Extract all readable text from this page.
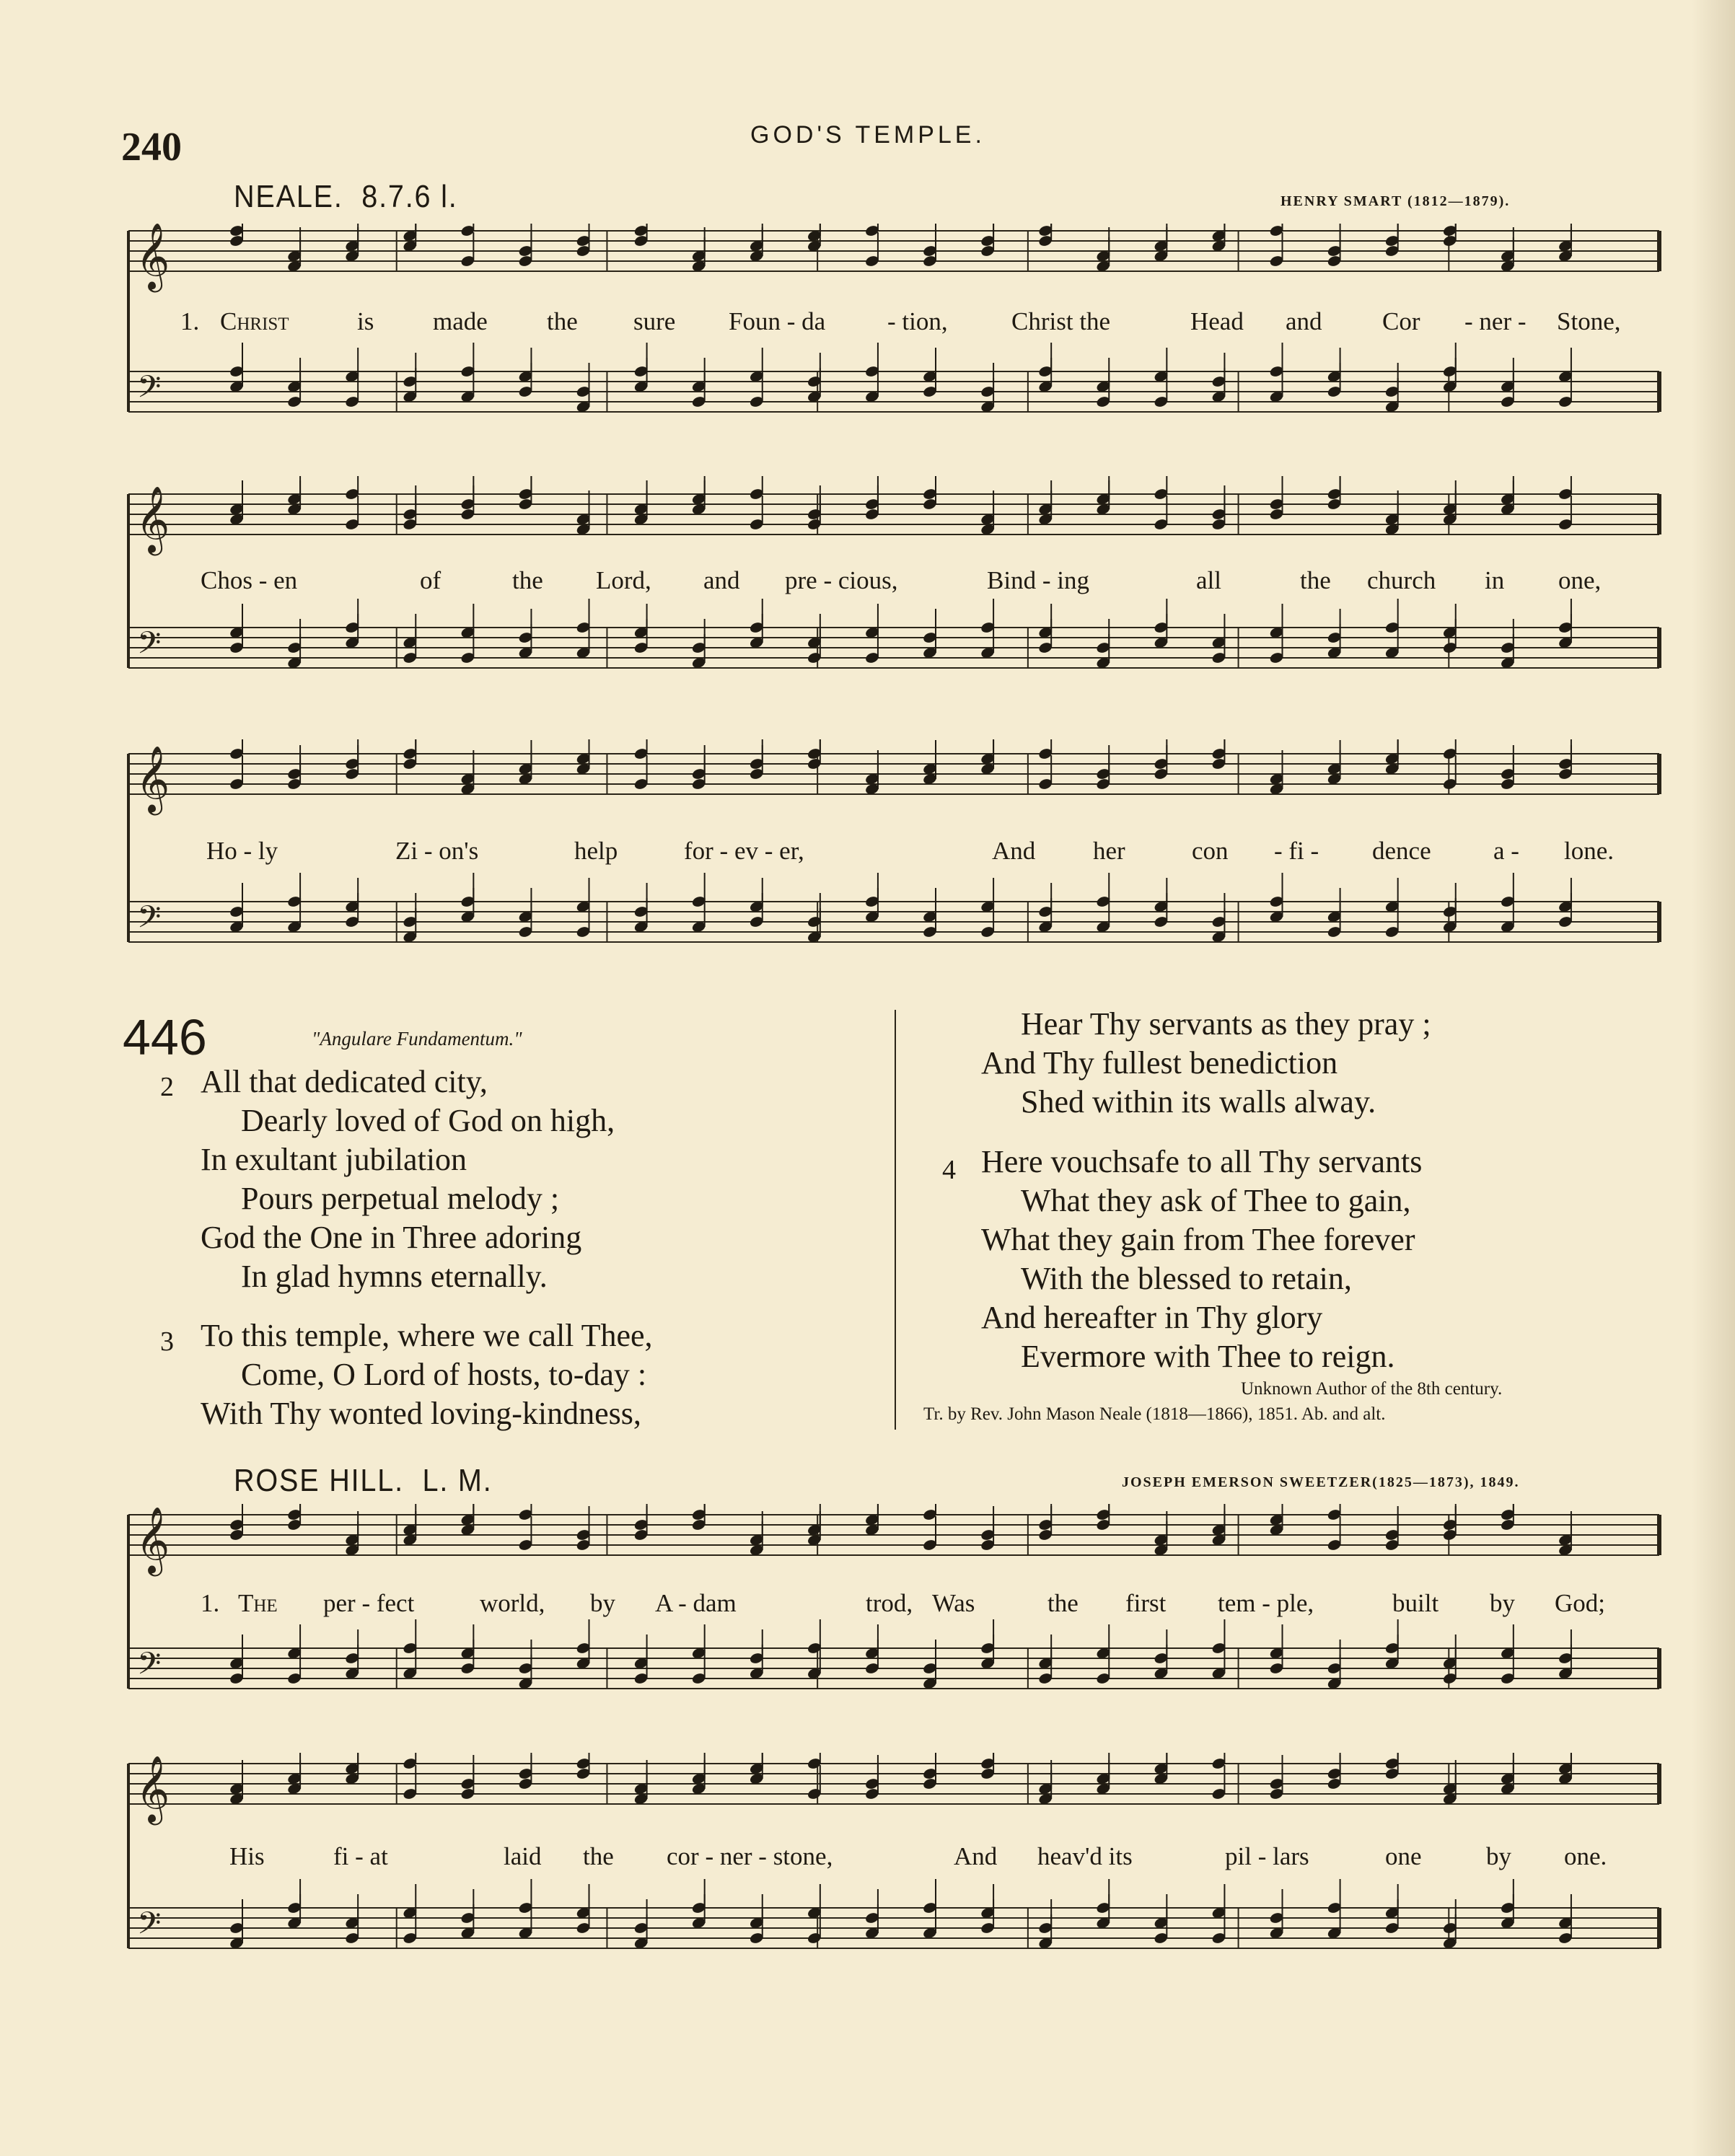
240	GOD'S TEMPLE.
NEALE. 8.7.6 l.	HENRY SMART (1812—1879).
𝄞
𝄢
1. Christ	is made the sure Foun - da - tion,	Christ the	Head and Cor - ner - Stone,
𝄞
𝄢
Chos - en	of	the Lord, and pre - cious,	Bind - ing	all	the church in one,
𝄞
𝄢
Ho - ly	Zi - on's	help	for - ev - er,	And her	con - fi - dence a - lone.
446	"Angulare Fundamentum."
2 All that dedicated city,
Dearly loved of God on high,
In exultant jubilation
Pours perpetual melody ;
God the One in Three adoring
In glad hymns eternally.
3 To this temple, where we call Thee,
Come, O Lord of hosts, to-day :
With Thy wonted loving-kindness,
Hear Thy servants as they pray ;
And Thy fullest benediction
Shed within its walls alway.
4 Here vouchsafe to all Thy servants
What they ask of Thee to gain,
What they gain from Thee forever
With the blessed to retain,
And hereafter in Thy glory
Evermore with Thee to reign.
Unknown Author of the 8th century.
Tr. by Rev. John Mason Neale (1818—1866), 1851. Ab. and alt.
ROSE HILL. L. M.	JOSEPH EMERSON SWEETZER(1825—1873), 1849.
𝄞
𝄢
1. The per - fect	world, by A - dam	trod, Was	the first tem - ple,	built by God;
𝄞
𝄢
His	fi - at	laid the cor - ner - stone,	And heav'd its	pil - lars	one	by one.
